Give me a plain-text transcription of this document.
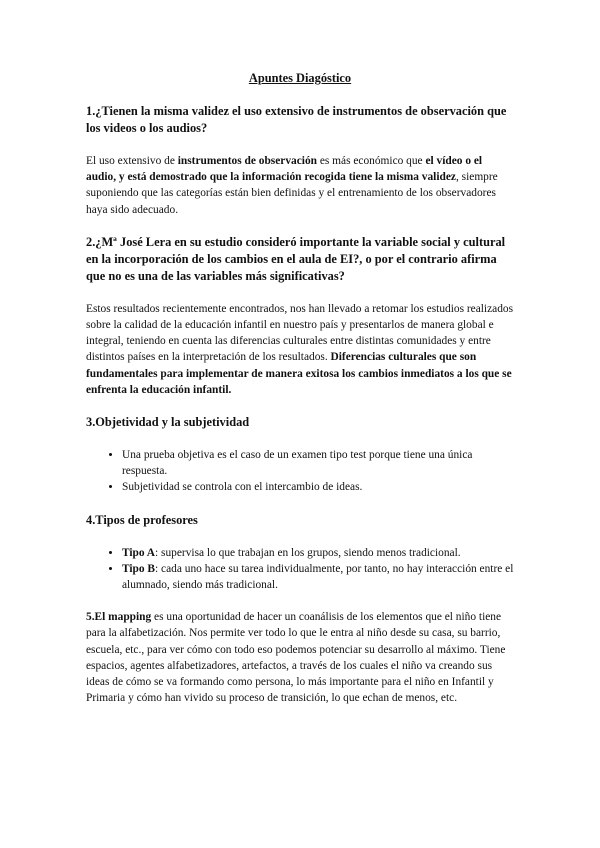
Apuntes Diagóstico
1.¿Tienen la misma validez el uso extensivo de instrumentos de observación que los videos o los audios?
El uso extensivo de instrumentos de observación es más económico que el vídeo o el audio, y está demostrado que la información recogida tiene la misma validez, siempre suponiendo que las categorías están bien definidas y el entrenamiento de los observadores haya sido adecuado.
2.¿Mª José Lera en su estudio consideró importante la variable social y cultural en la incorporación de los cambios en el aula de EI?, o por el contrario afirma que no es una de las variables más significativas?
Estos resultados recientemente encontrados, nos han llevado a retomar los estudios realizados sobre la calidad de la educación infantil en nuestro país y presentarlos de manera global e integral, teniendo en cuenta las diferencias culturales entre distintas comunidades y entre distintos países en la interpretación de los resultados. Diferencias culturales que son fundamentales para implementar de manera exitosa los cambios inmediatos a los que se enfrenta la educación infantil.
3.Objetividad y la subjetividad
• Una prueba objetiva es el caso de un examen tipo test porque tiene una única respuesta.
• Subjetividad se controla con el intercambio de ideas.
4.Tipos de profesores
• Tipo A: supervisa lo que trabajan en los grupos, siendo menos tradicional.
• Tipo B: cada uno hace su tarea individualmente, por tanto, no hay interacción entre el alumnado, siendo más tradicional.
5.El mapping es una oportunidad de hacer un coanálisis de los elementos que el niño tiene para la alfabetización. Nos permite ver todo lo que le entra al niño desde su casa, su barrio, escuela, etc., para ver cómo con todo eso podemos potenciar su desarrollo al máximo. Tiene espacios, agentes alfabetizadores, artefactos, a través de los cuales el niño va creando sus ideas de cómo se va formando como persona, lo más importante para el niño en Infantil y Primaria y cómo han vivido su proceso de transición, lo que echan de menos, etc.
